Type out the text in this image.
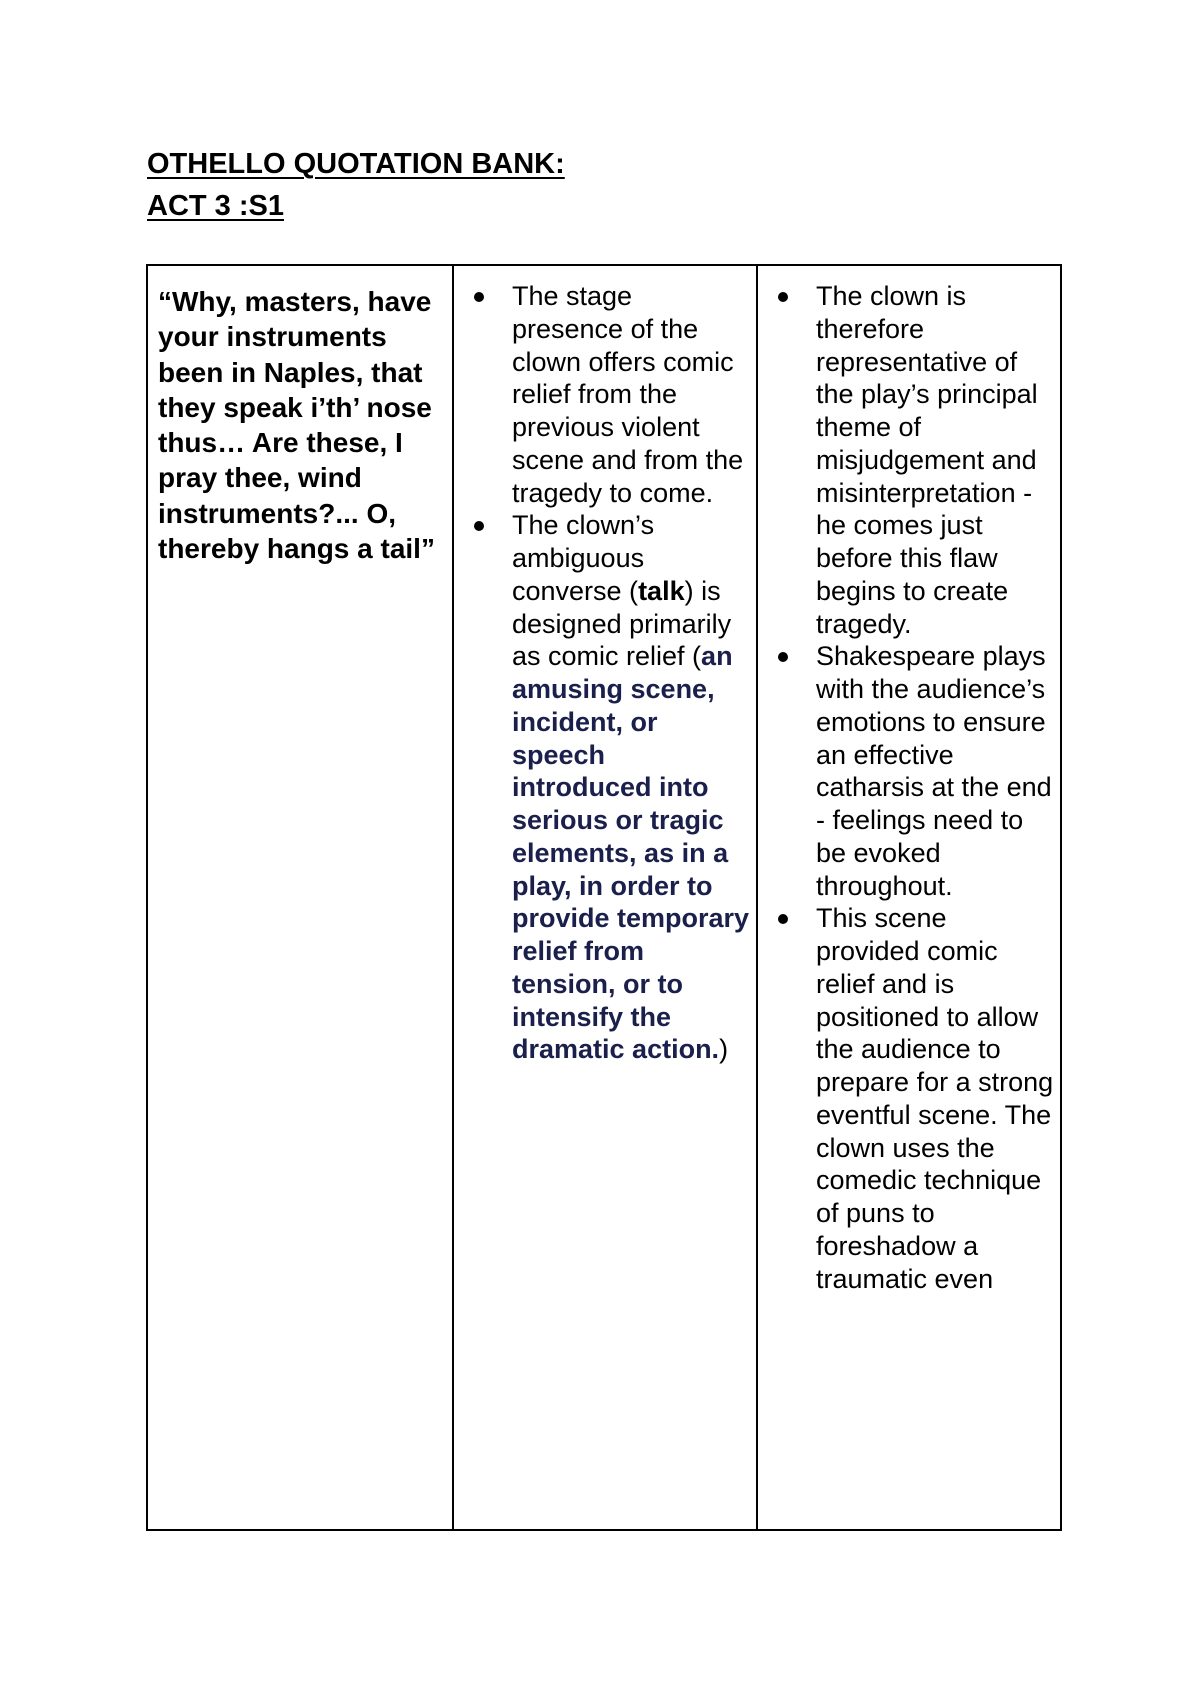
OTHELLO QUOTATION BANK:
ACT 3 :S1

“Why, masters, have your instruments been in Naples, that they speak i’th’ nose thus… Are these, I pray thee, wind instruments?... O, thereby hangs a tail”

The stage presence of the clown offers comic relief from the previous violent scene and from the tragedy to come.
The clown’s ambiguous converse (talk) is designed primarily as comic relief (an amusing scene, incident, or speech introduced into serious or tragic elements, as in a play, in order to provide temporary relief from tension, or to intensify the dramatic action.)
The clown is therefore representative of the play’s principal theme of misjudgement and misinterpretation - he comes just before this flaw begins to create tragedy.
Shakespeare plays with the audience’s emotions to ensure an effective catharsis at the end - feelings need to be evoked throughout.
This scene provided comic relief and is positioned to allow the audience to prepare for a strong eventful scene. The clown uses the comedic technique of puns to foreshadow a traumatic even
